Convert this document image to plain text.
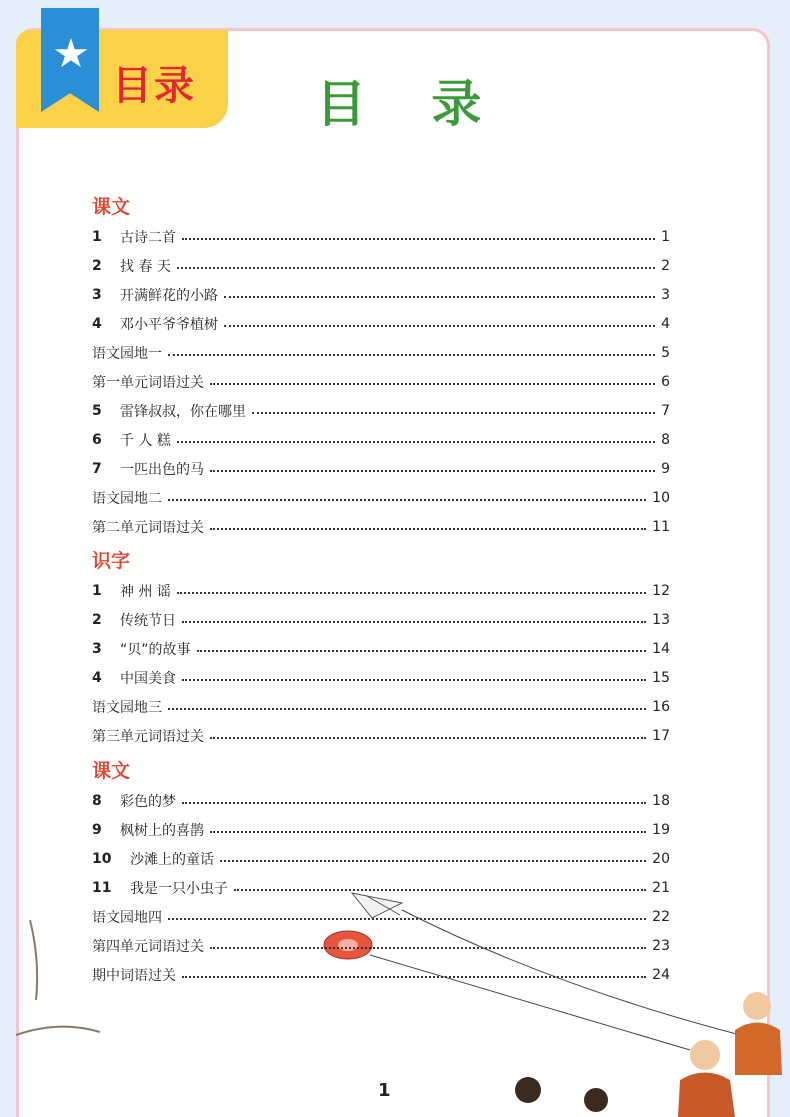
目录 目 录
课文
1	古诗二首	1
2	找 春 天	2
3	开满鲜花的小路	3
4	邓小平爷爷植树	4
语文园地一	5
第一单元词语过关	6
5	雷锋叔叔，你在哪里	7
6	千 人 糕	8
7	一匹出色的马	9
语文园地二	10
第二单元词语过关	11
识字
1	神 州 谣	12
2	传统节日	13
3	“贝”的故事	14
4	中国美食	15
语文园地三	16
第三单元词语过关	17
课文
8	彩色的梦	18
9	枫树上的喜鹊	19
10	沙滩上的童话	20
11	我是一只小虫子	21
语文园地四	22
第四单元词语过关	23
期中词语过关	24
1
